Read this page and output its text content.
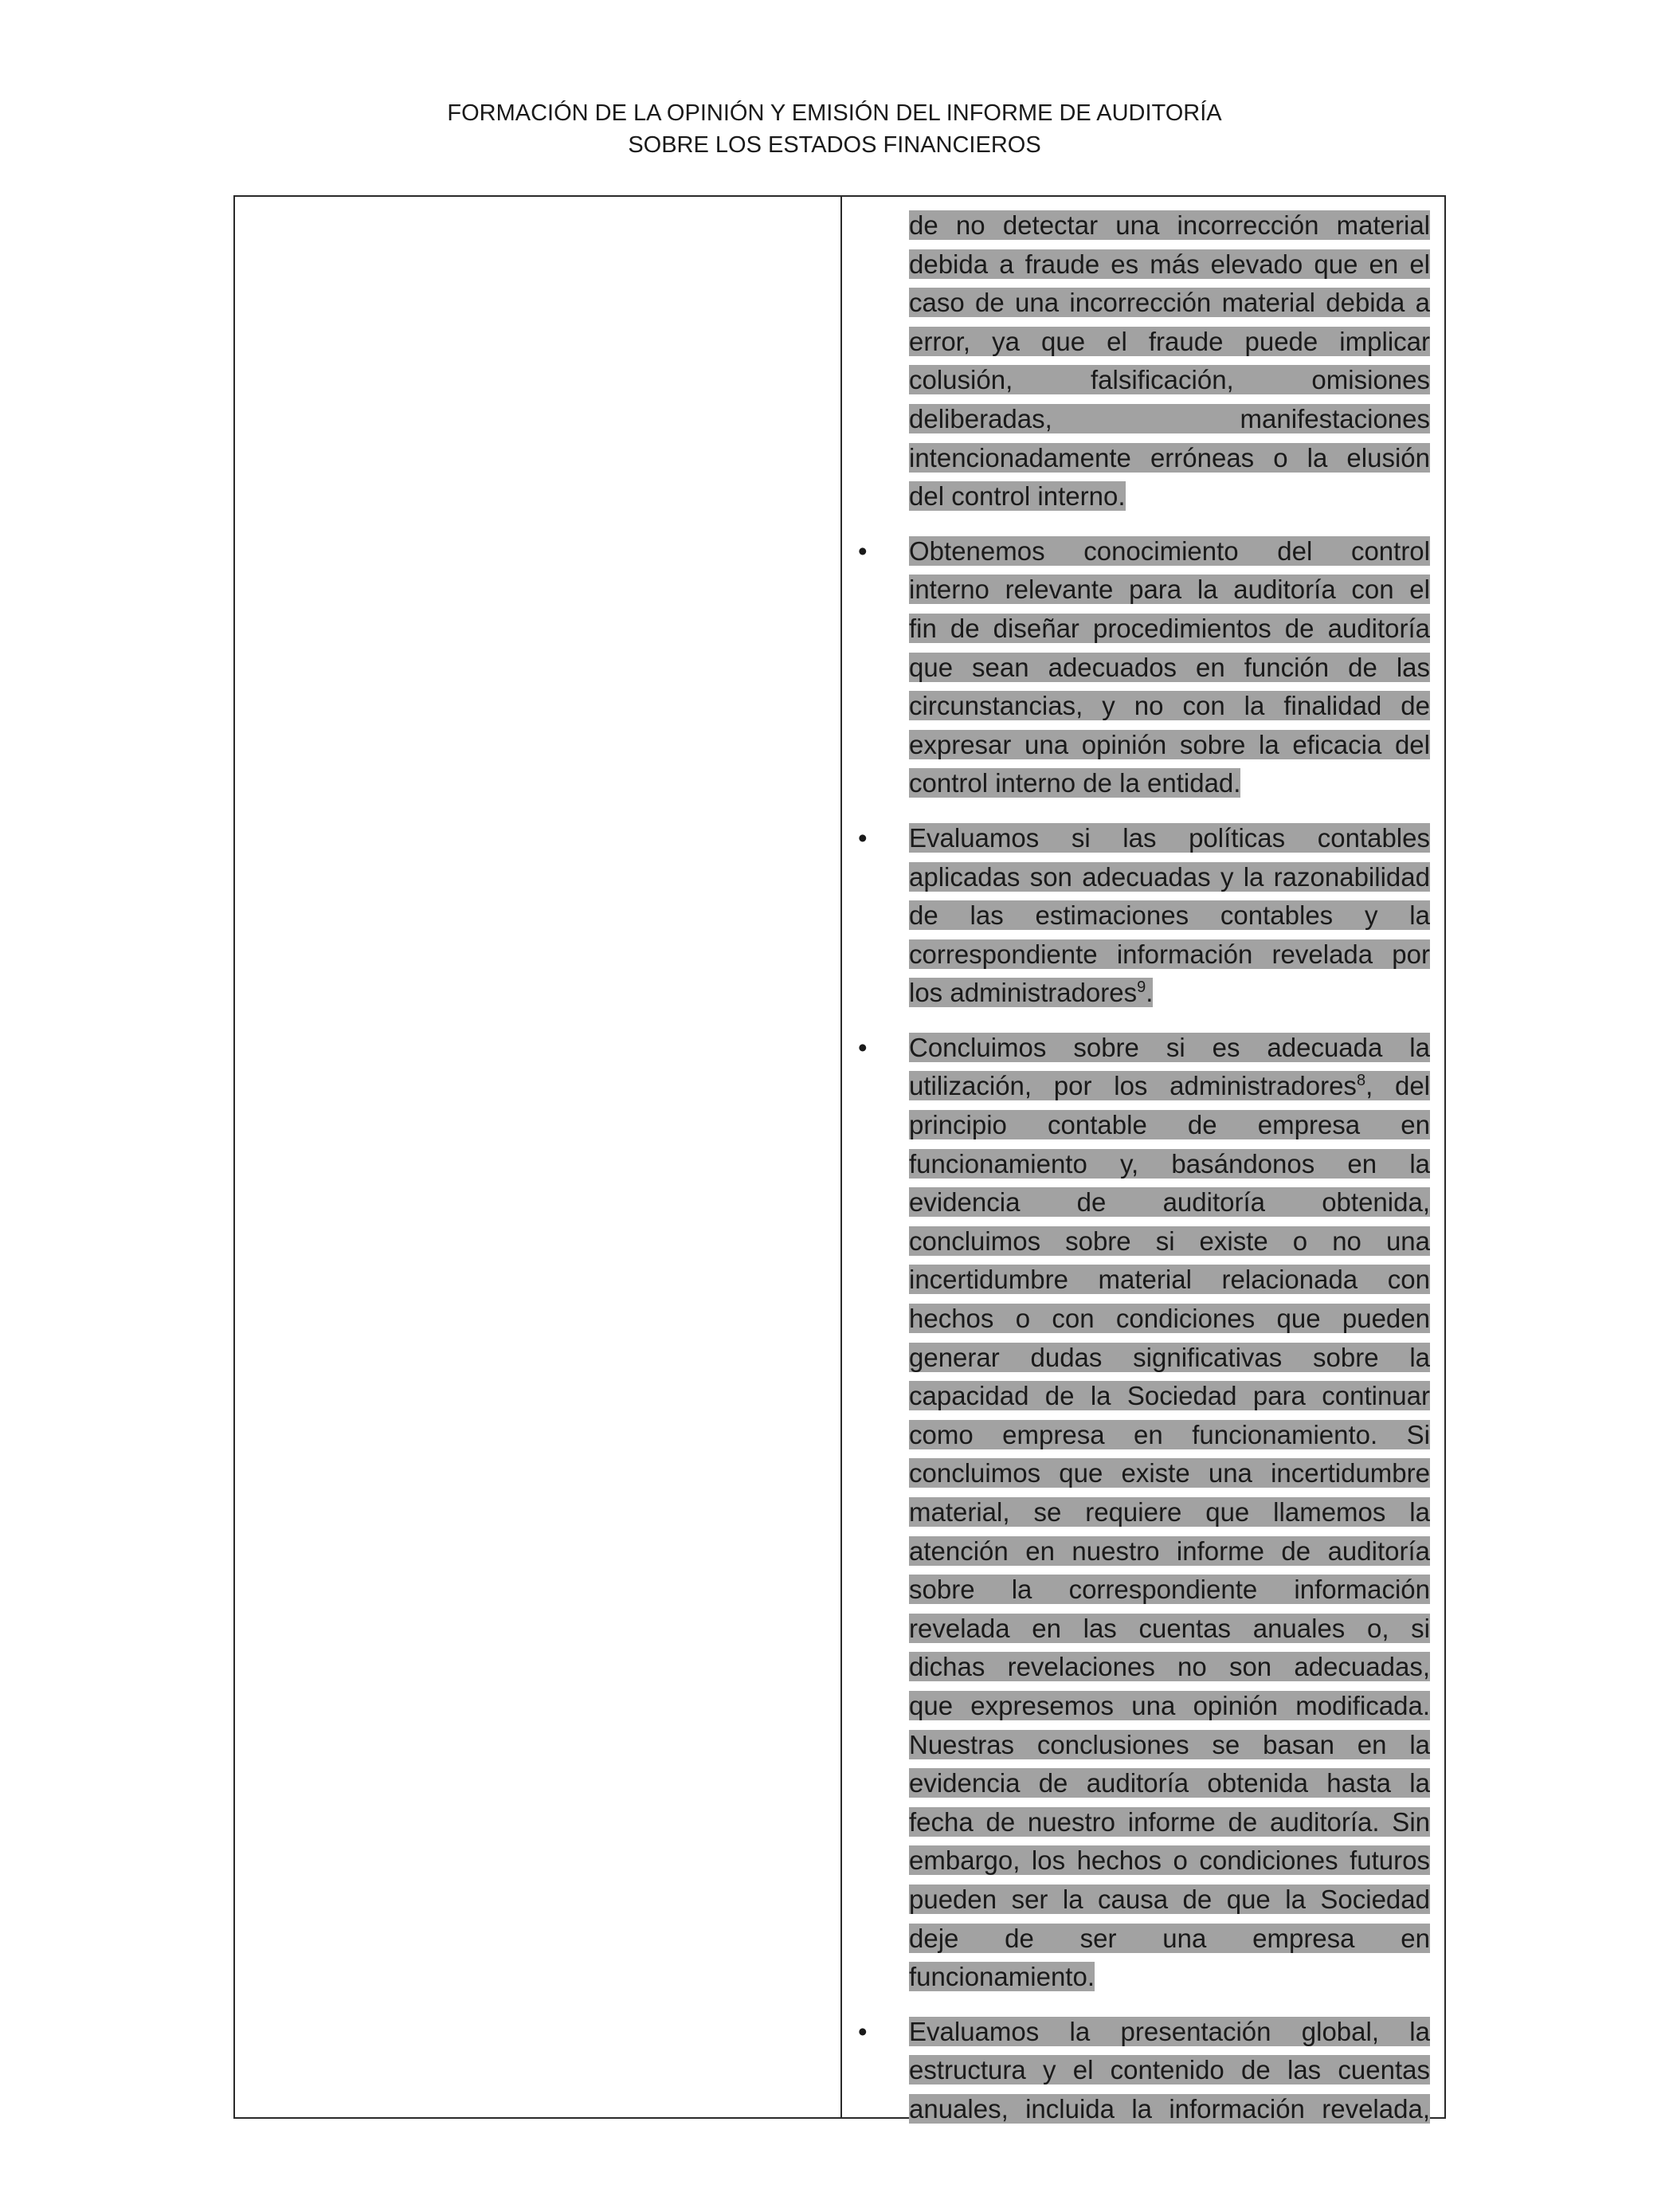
FORMACIÓN DE LA OPINIÓN Y EMISIÓN DEL INFORME DE AUDITORÍA
SOBRE LOS ESTADOS FINANCIEROS
de no detectar una incorrección material
debida a fraude es más elevado que en el
caso de una incorrección material debida a
error, ya que el fraude puede implicar
colusión, falsificación, omisiones
deliberadas, manifestaciones
intencionadamente erróneas o la elusión
del control interno.
•	Obtenemos conocimiento del control
interno relevante para la auditoría con el
fin de diseñar procedimientos de auditoría
que sean adecuados en función de las
circunstancias, y no con la finalidad de
expresar una opinión sobre la eficacia del
control interno de la entidad.
•	Evaluamos si las políticas contables
aplicadas son adecuadas y la razonabilidad
de las estimaciones contables y la
correspondiente información revelada por
los administradores$^9$.
•	Concluimos sobre si es adecuada la
utilización, por los administradores$^8$, del
principio contable de empresa en
funcionamiento y, basándonos en la
evidencia de auditoría obtenida,
concluimos sobre si existe o no una
incertidumbre material relacionada con
hechos o con condiciones que pueden
generar dudas significativas sobre la
capacidad de la Sociedad para continuar
como empresa en funcionamiento. Si
concluimos que existe una incertidumbre
material, se requiere que llamemos la
atención en nuestro informe de auditoría
sobre la correspondiente información
revelada en las cuentas anuales o, si
dichas revelaciones no son adecuadas,
que expresemos una opinión modificada.
Nuestras conclusiones se basan en la
evidencia de auditoría obtenida hasta la
fecha de nuestro informe de auditoría. Sin
embargo, los hechos o condiciones futuros
pueden ser la causa de que la Sociedad
deje de ser una empresa en
funcionamiento.
•	Evaluamos la presentación global, la
estructura y el contenido de las cuentas
anuales, incluida la información revelada,
